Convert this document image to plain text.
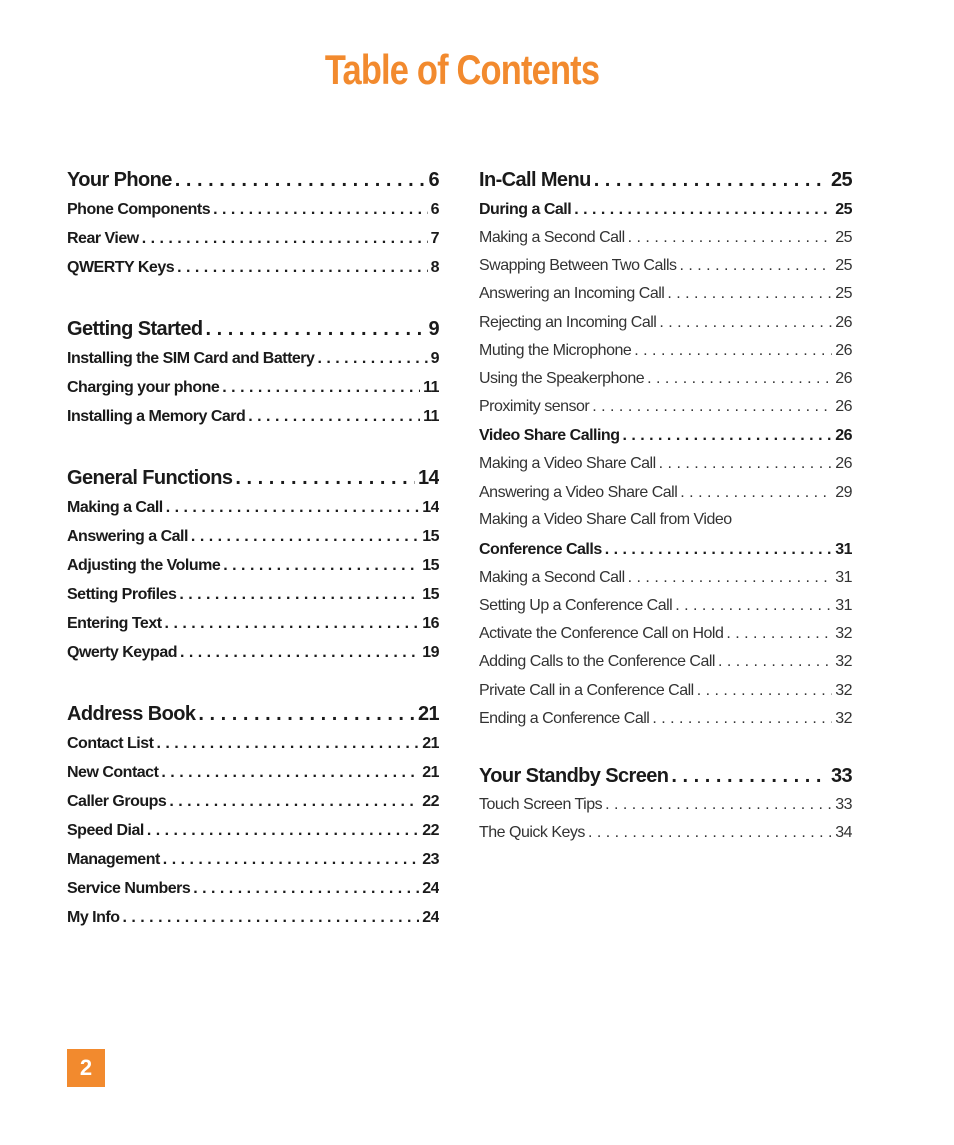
Table of Contents
Your Phone . . .	6
Phone Components . . .	6
Rear View . . .	7
QWERTY Keys . . .	8
Getting Started . . .	9
Installing the SIM Card and Battery . . .	9
Charging your phone . . .	11
Installing a Memory Card . . .	11
General Functions . . .	14
Making a Call . . .	14
Answering a Call . . .	15
Adjusting the Volume . . .	15
Setting Profiles . . .	15
Entering Text . . .	16
Qwerty Keypad . . .	19
Address Book . . .	21
Contact List . . .	21
New Contact . . .	21
Caller Groups . . .	22
Speed Dial . . .	22
Management . . .	23
Service Numbers . . .	24
My Info . . .	24
In-Call Menu . . .	25
During a Call . . .	25
Making a Second Call . . .	25
Swapping Between Two Calls . . .	25
Answering an Incoming Call . . .	25
Rejecting an Incoming Call . . .	26
Muting the Microphone . . .	26
Using the Speakerphone . . .	26
Proximity sensor . . .	26
Video Share Calling . . .	26
Making a Video Share Call . . .	26
Answering a Video Share Call . . .	29
Making a Video Share Call from Video
. . .
Conference Calls . . .	31
Making a Second Call . . .	31
Setting Up a Conference Call . . .	31
Activate the Conference Call on Hold . . .	32
Adding Calls to the Conference Call . . .	32
Private Call in a Conference Call . . .	32
Ending a Conference Call . . .	32
Your Standby Screen . . .	33
Touch Screen Tips . . .	33
The Quick Keys . . .	34
2
